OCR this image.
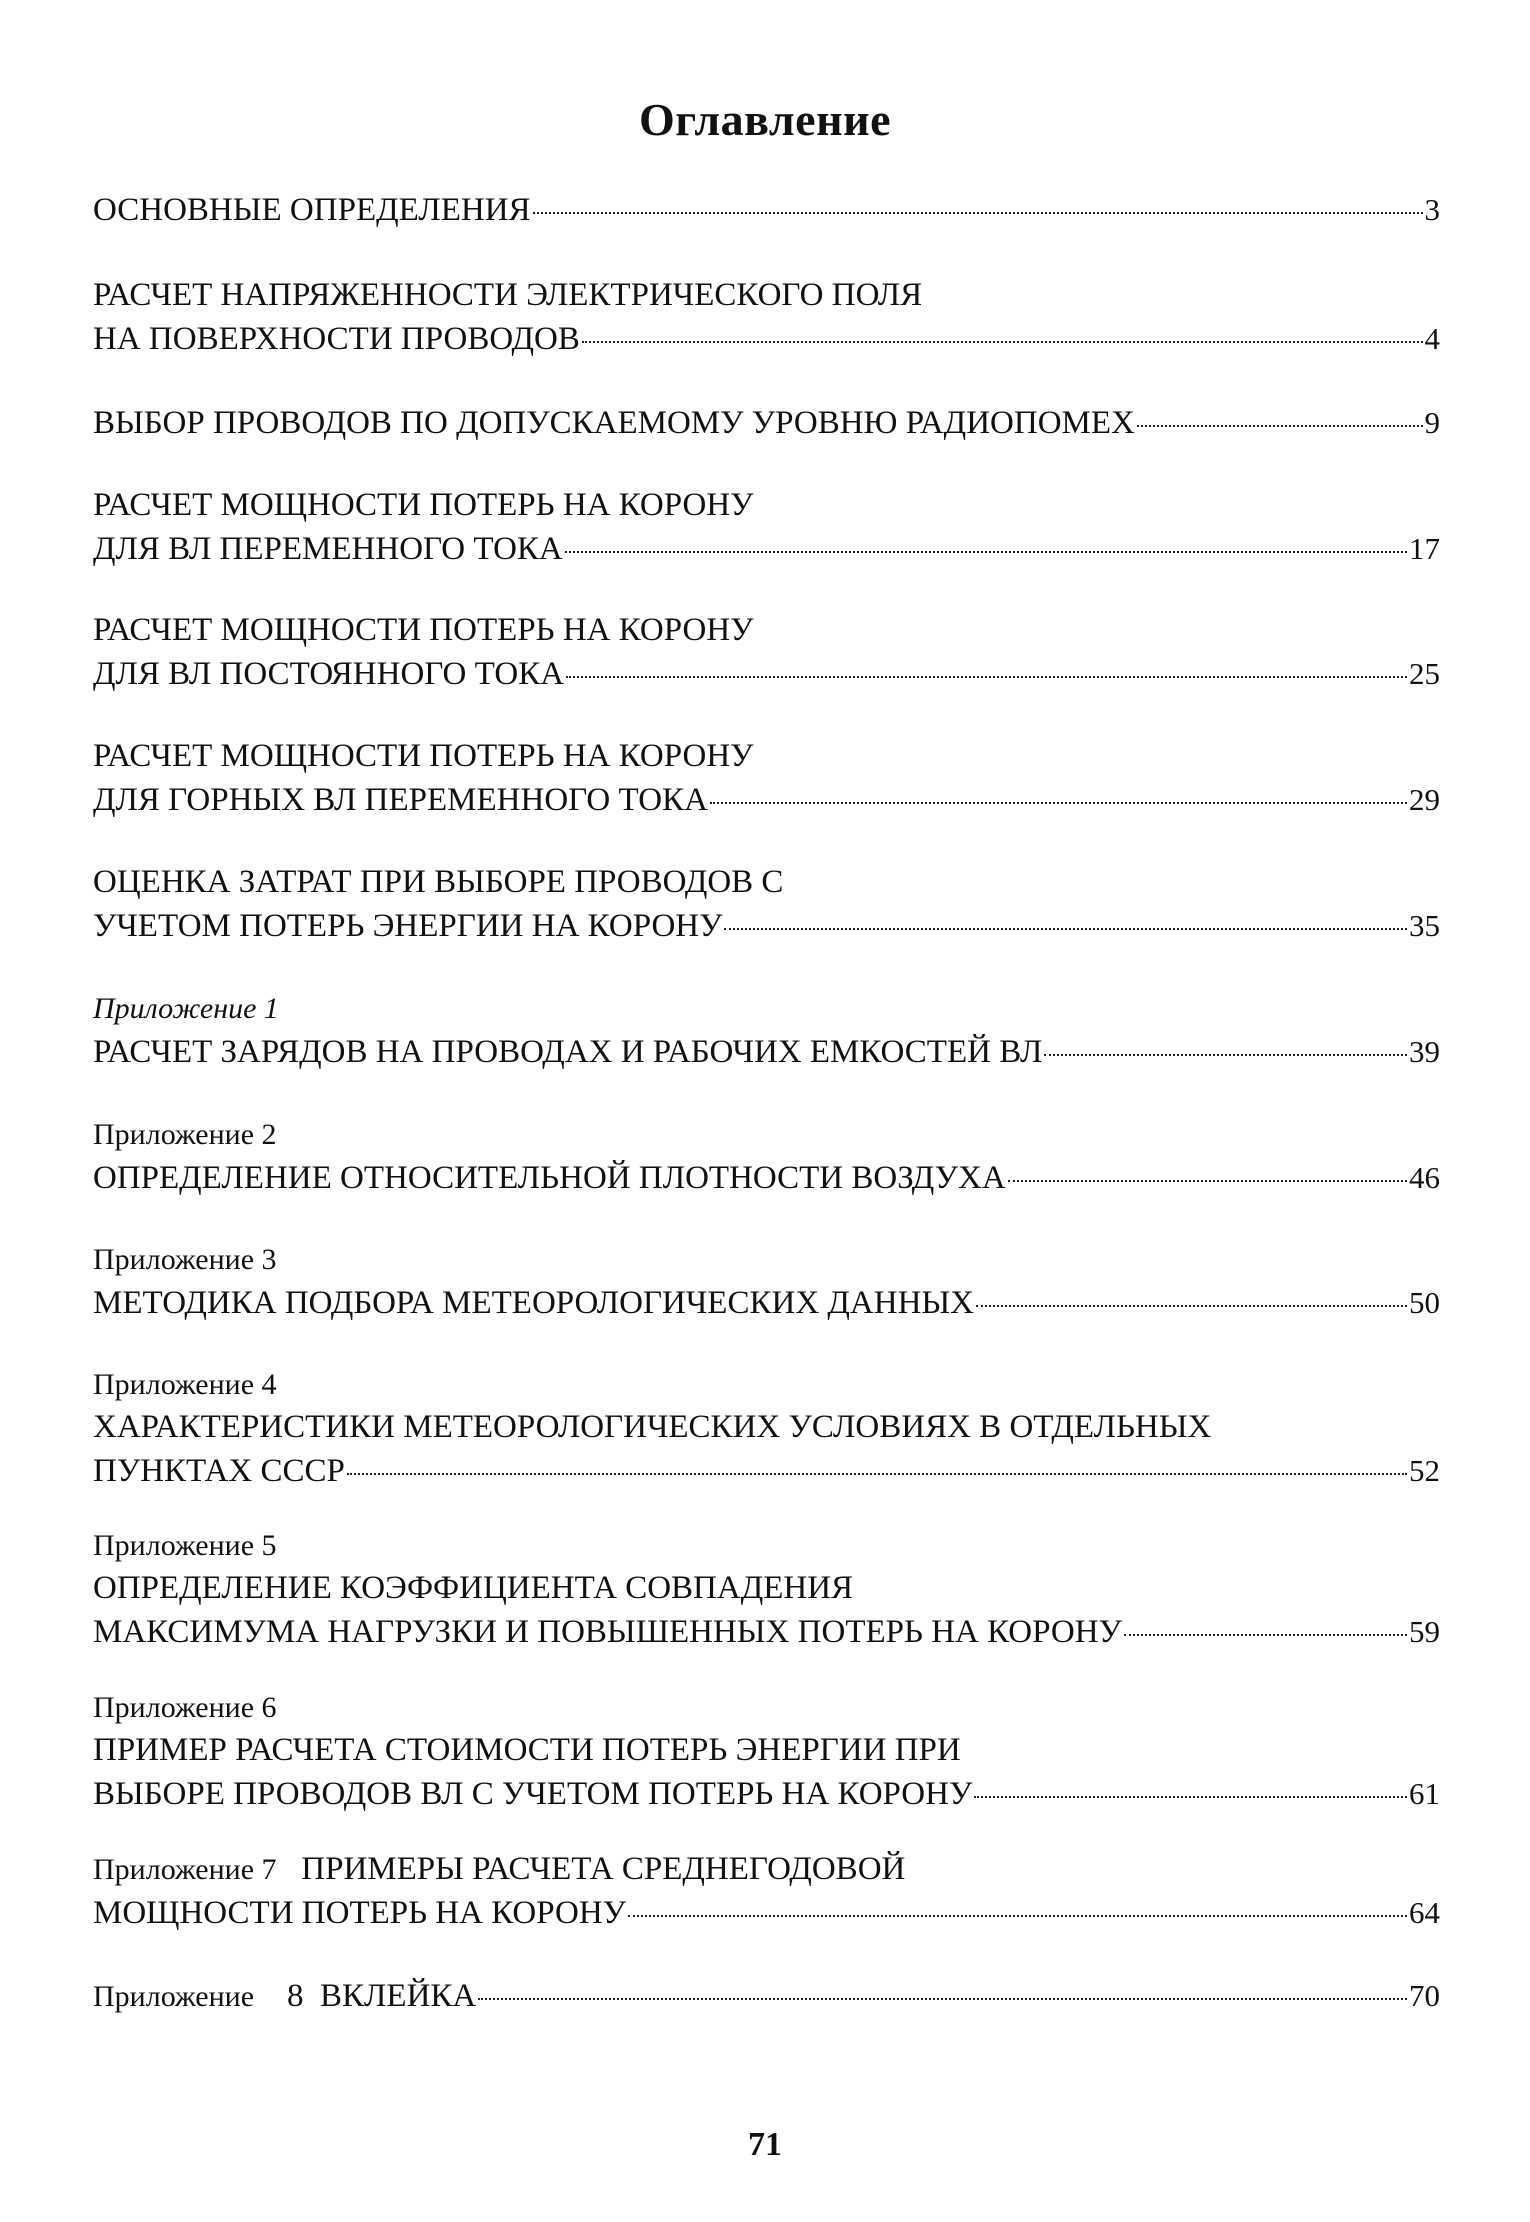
Оглавление
ОСНОВНЫЕ ОПРЕДЕЛЕНИЯ	3
РАСЧЕТ НАПРЯЖЕННОСТИ ЭЛЕКТРИЧЕСКОГО ПОЛЯ
НА ПОВЕРХНОСТИ ПРОВОДОВ	4
ВЫБОР ПРОВОДОВ ПО ДОПУСКАЕМОМУ УРОВНЮ РАДИОПОМЕХ	9
РАСЧЕТ МОЩНОСТИ ПОТЕРЬ НА КОРОНУ
ДЛЯ ВЛ ПЕРЕМЕННОГО ТОКА	17
РАСЧЕТ МОЩНОСТИ ПОТЕРЬ НА КОРОНУ
ДЛЯ ВЛ ПОСТОЯННОГО ТОКА	25
РАСЧЕТ МОЩНОСТИ ПОТЕРЬ НА КОРОНУ
ДЛЯ ГОРНЫХ ВЛ ПЕРЕМЕННОГО ТОКА	29
ОЦЕНКА ЗАТРАТ ПРИ ВЫБОРЕ ПРОВОДОВ С
УЧЕТОМ ПОТЕРЬ ЭНЕРГИИ НА КОРОНУ	35
Приложение 1
РАСЧЕТ ЗАРЯДОВ НА ПРОВОДАХ И РАБОЧИХ ЕМКОСТЕЙ ВЛ	39
Приложение 2
ОПРЕДЕЛЕНИЕ ОТНОСИТЕЛЬНОЙ ПЛОТНОСТИ ВОЗДУХА	46
Приложение 3
МЕТОДИКА ПОДБОРА МЕТЕОРОЛОГИЧЕСКИХ ДАННЫХ	50
Приложение 4
ХАРАКТЕРИСТИКИ МЕТЕОРОЛОГИЧЕСКИХ УСЛОВИЯХ В ОТДЕЛЬНЫХ
ПУНКТАХ СССР	52
Приложение 5
ОПРЕДЕЛЕНИЕ КОЭФФИЦИЕНТА СОВПАДЕНИЯ
МАКСИМУМА НАГРУЗКИ И ПОВЫШЕННЫХ ПОТЕРЬ НА КОРОНУ	59
Приложение 6
ПРИМЕР РАСЧЕТА СТОИМОСТИ ПОТЕРЬ ЭНЕРГИИ ПРИ
ВЫБОРЕ ПРОВОДОВ ВЛ С УЧЕТОМ ПОТЕРЬ НА КОРОНУ	61
Приложение 7   ПРИМЕРЫ РАСЧЕТА СРЕДНЕГОДОВОЙ
МОЩНОСТИ ПОТЕРЬ НА КОРОНУ	64
Приложение 8  ВКЛЕЙКА	70
71
